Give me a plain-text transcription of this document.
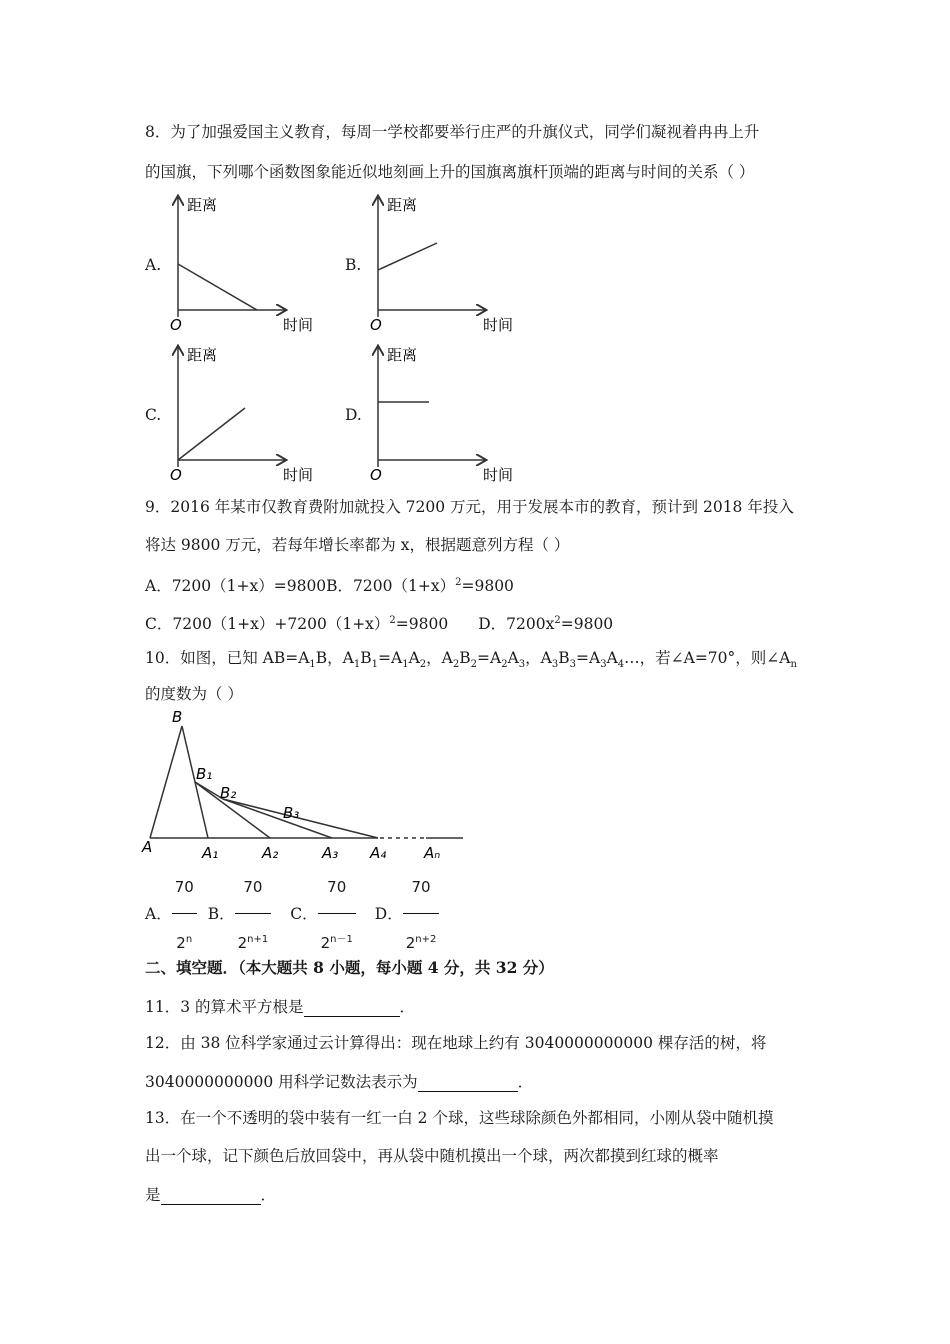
8．为了加强爱国主义教育，每周一学校都要举行庄严的升旗仪式，同学们凝视着冉冉上升
的国旗，下列哪个函数图象能近似地刻画上升的国旗离旗杆顶端的距离与时间的关系（ ）
A.
距离
时间
O
B.
距离
时间
O
C.
距离
时间
O
D.
距离
时间
O
9．2016 年某市仅教育费附加就投入 7200 万元，用于发展本市的教育，预计到 2018 年投入
将达 9800 万元，若每年增长率都为 x，根据题意列方程（ ）
A．7200（1+x）=9800B．$7200(1+x)^2=9800$
C．$7200(1+x)+7200(1+x)^2=9800$ D．$7200x^2=9800$
10．如图，已知 $AB=A_1B$，$A_1B_1=A_1A_2$，$A_2B_2=A_2A_3$，$A_3B_3=A_3A_4\dots$，若∠A=70°，则$\angle A_n$
的度数为（ ）
B
B₁
B₂
B₃
A	A₁	A₂	A₃ A₄	Aₙ
A． $\frac{70}{2^n}$ B． $\frac{70}{2^{n+1}}$ C． $\frac{70}{2^{n-1}}$ D． $\frac{70}{2^{n+2}}$
二、填空题．（本大题共 8 小题，每小题 4 分，共 32 分）
11．3 的算术平方根是	．
12．由 38 位科学家通过云计算得出：现在地球上约有 3040000000000 棵存活的树，将
3040000000000 用科学记数法表示为	．
13．在一个不透明的袋中装有一红一白 2 个球，这些球除颜色外都相同，小刚从袋中随机摸
出一个球，记下颜色后放回袋中，再从袋中随机摸出一个球，两次都摸到红球的概率
是	．
